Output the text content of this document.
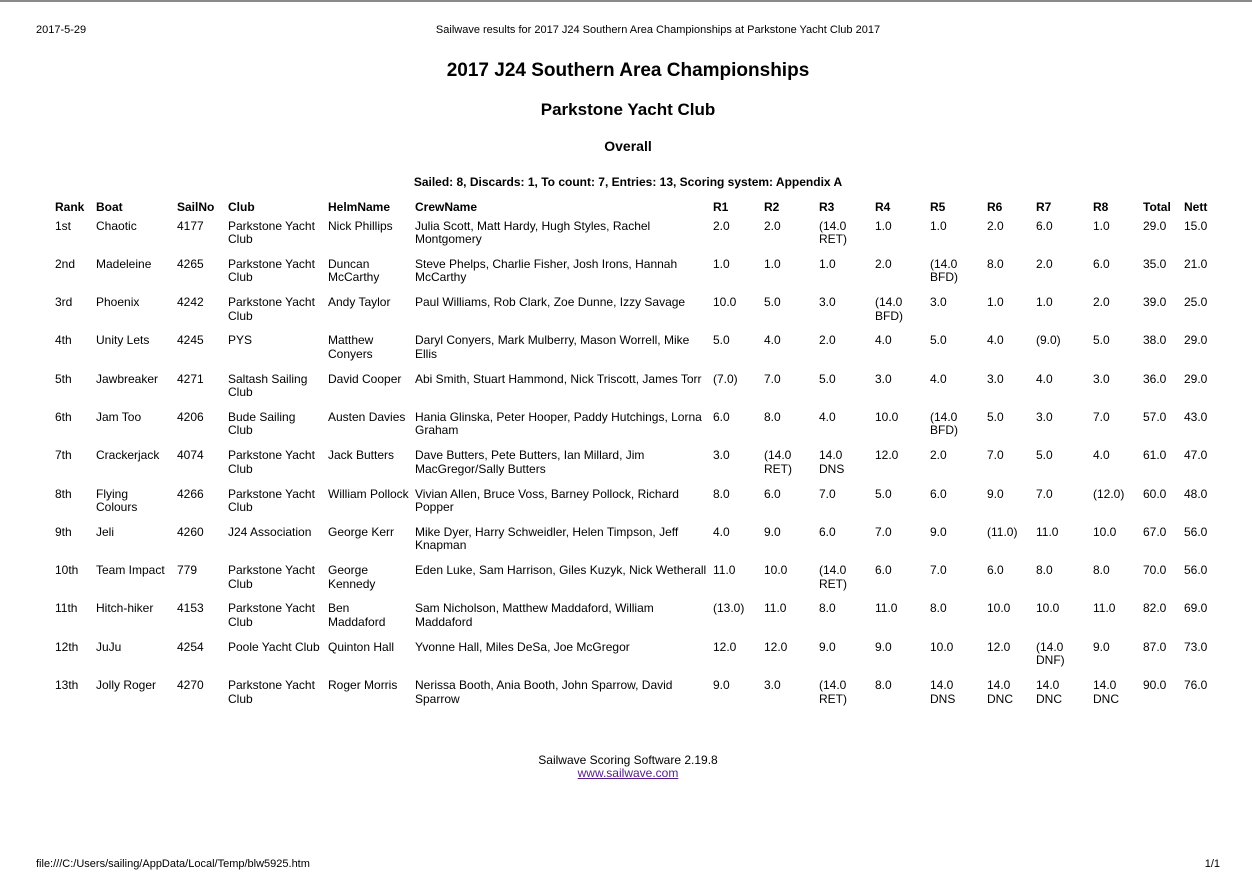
2017-5-29	Sailwave results for 2017 J24 Southern Area Championships at Parkstone Yacht Club 2017
2017 J24 Southern Area Championships
Parkstone Yacht Club
Overall
Sailed: 8, Discards: 1, To count: 7, Entries: 13, Scoring system: Appendix A
Rank	Boat	SailNo	Club	HelmName	CrewName	R1	R2	R3	R4	R5	R6	R7	R8	Total	Nett
1st	Chaotic	4177	Parkstone Yacht Club	Nick Phillips	Julia Scott, Matt Hardy, Hugh Styles, Rachel Montgomery	2.0	2.0	(14.0 RET)	1.0	1.0	2.0	6.0	1.0	29.0	15.0
2nd	Madeleine	4265	Parkstone Yacht Club	Duncan McCarthy	Steve Phelps, Charlie Fisher, Josh Irons, Hannah McCarthy	1.0	1.0	1.0	2.0	(14.0 BFD)	8.0	2.0	6.0	35.0	21.0
3rd	Phoenix	4242	Parkstone Yacht Club	Andy Taylor	Paul Williams, Rob Clark, Zoe Dunne, Izzy Savage	10.0	5.0	3.0	(14.0 BFD)	3.0	1.0	1.0	2.0	39.0	25.0
4th	Unity Lets	4245	PYS	Matthew Conyers	Daryl Conyers, Mark Mulberry, Mason Worrell, Mike Ellis	5.0	4.0	2.0	4.0	5.0	4.0	(9.0)	5.0	38.0	29.0
5th	Jawbreaker	4271	Saltash Sailing Club	David Cooper	Abi Smith, Stuart Hammond, Nick Triscott, James Torr	(7.0)	7.0	5.0	3.0	4.0	3.0	4.0	3.0	36.0	29.0
6th	Jam Too	4206	Bude Sailing Club	Austen Davies	Hania Glinska, Peter Hooper, Paddy Hutchings, Lorna Graham	6.0	8.0	4.0	10.0	(14.0 BFD)	5.0	3.0	7.0	57.0	43.0
7th	Crackerjack	4074	Parkstone Yacht Club	Jack Butters	Dave Butters, Pete Butters, Ian Millard, Jim MacGregor/Sally Butters	3.0	(14.0 RET)	14.0 DNS	12.0	2.0	7.0	5.0	4.0	61.0	47.0
8th	Flying Colours	4266	Parkstone Yacht Club	William Pollock	Vivian Allen, Bruce Voss, Barney Pollock, Richard Popper	8.0	6.0	7.0	5.0	6.0	9.0	7.0	(12.0)	60.0	48.0
9th	Jeli	4260	J24 Association	George Kerr	Mike Dyer, Harry Schweidler, Helen Timpson, Jeff Knapman	4.0	9.0	6.0	7.0	9.0	(11.0)	11.0	10.0	67.0	56.0
10th	Team Impact	779	Parkstone Yacht Club	George Kennedy	Eden Luke, Sam Harrison, Giles Kuzyk, Nick Wetherall	11.0	10.0	(14.0 RET)	6.0	7.0	6.0	8.0	8.0	70.0	56.0
11th	Hitch-hiker	4153	Parkstone Yacht Club	Ben Maddaford	Sam Nicholson, Matthew Maddaford, William Maddaford	(13.0)	11.0	8.0	11.0	8.0	10.0	10.0	11.0	82.0	69.0
12th	JuJu	4254	Poole Yacht Club	Quinton Hall	Yvonne Hall, Miles DeSa, Joe McGregor	12.0	12.0	9.0	9.0	10.0	12.0	(14.0 DNF)	9.0	87.0	73.0
13th	Jolly Roger	4270	Parkstone Yacht Club	Roger Morris	Nerissa Booth, Ania Booth, John Sparrow, David Sparrow	9.0	3.0	(14.0 RET)	8.0	14.0 DNS	14.0 DNC	14.0 DNC	14.0 DNC	90.0	76.0
Sailwave Scoring Software 2.19.8
www.sailwave.com
file:///C:/Users/sailing/AppData/Local/Temp/blw5925.htm	1/1
